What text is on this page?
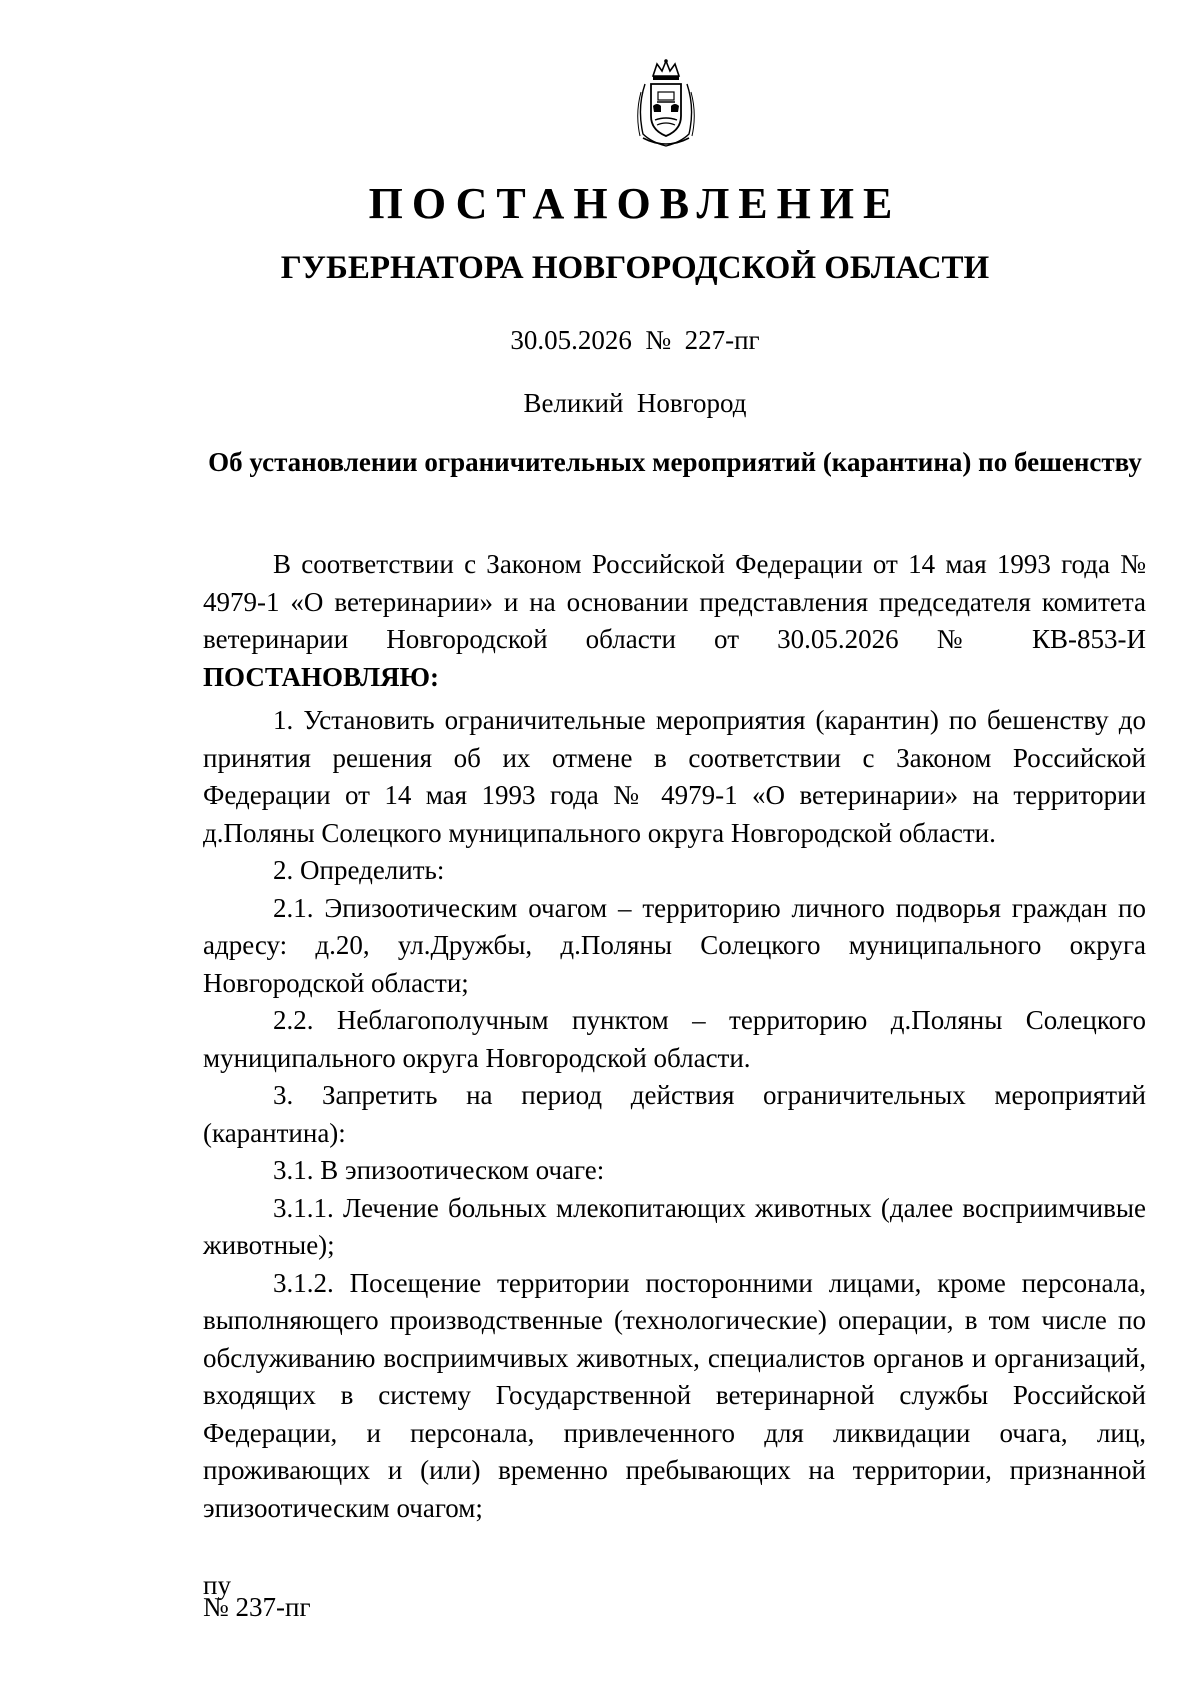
ПОСТАНОВЛЕНИЕ
ГУБЕРНАТОРА НОВГОРОДСКОЙ ОБЛАСТИ
30.05.2026  №  227-пг
Великий  Новгород
Об установлении ограничительных мероприятий (карантина) по бешенству

В соответствии с Законом Российской Федерации от 14 мая 1993 года № 4979-1 «О ветеринарии» и на основании представления председателя комитета ветеринарии Новгородской области от 30.05.2026 № КВ-853-И ПОСТАНОВЛЯЮ:

1. Установить ограничительные мероприятия (карантин) по бешенству до принятия решения об их отмене в соответствии с Законом Российской Федерации от 14 мая 1993 года № 4979-1 «О ветеринарии» на территории д.Поляны Солецкого муниципального округа Новгородской области.

2. Определить:

2.1. Эпизоотическим очагом – территорию личного подворья граждан по адресу: д.20, ул.Дружбы, д.Поляны Солецкого муниципального округа Новгородской области;

2.2. Неблагополучным пунктом – территорию д.Поляны Солецкого муниципального округа Новгородской области.

3. Запретить на период действия ограничительных мероприятий (карантина):

3.1. В эпизоотическом очаге:

3.1.1. Лечение больных млекопитающих животных (далее восприимчивые животные);

3.1.2. Посещение территории посторонними лицами, кроме персонала, выполняющего производственные (технологические) операции, в том числе по обслуживанию восприимчивых животных, специалистов органов и организаций, входящих в систему Государственной ветеринарной службы Российской Федерации, и персонала, привлеченного для ликвидации очага, лиц, проживающих и (или) временно пребывающих на территории, признанной эпизоотическим очагом;

пу
№ 237-пг
